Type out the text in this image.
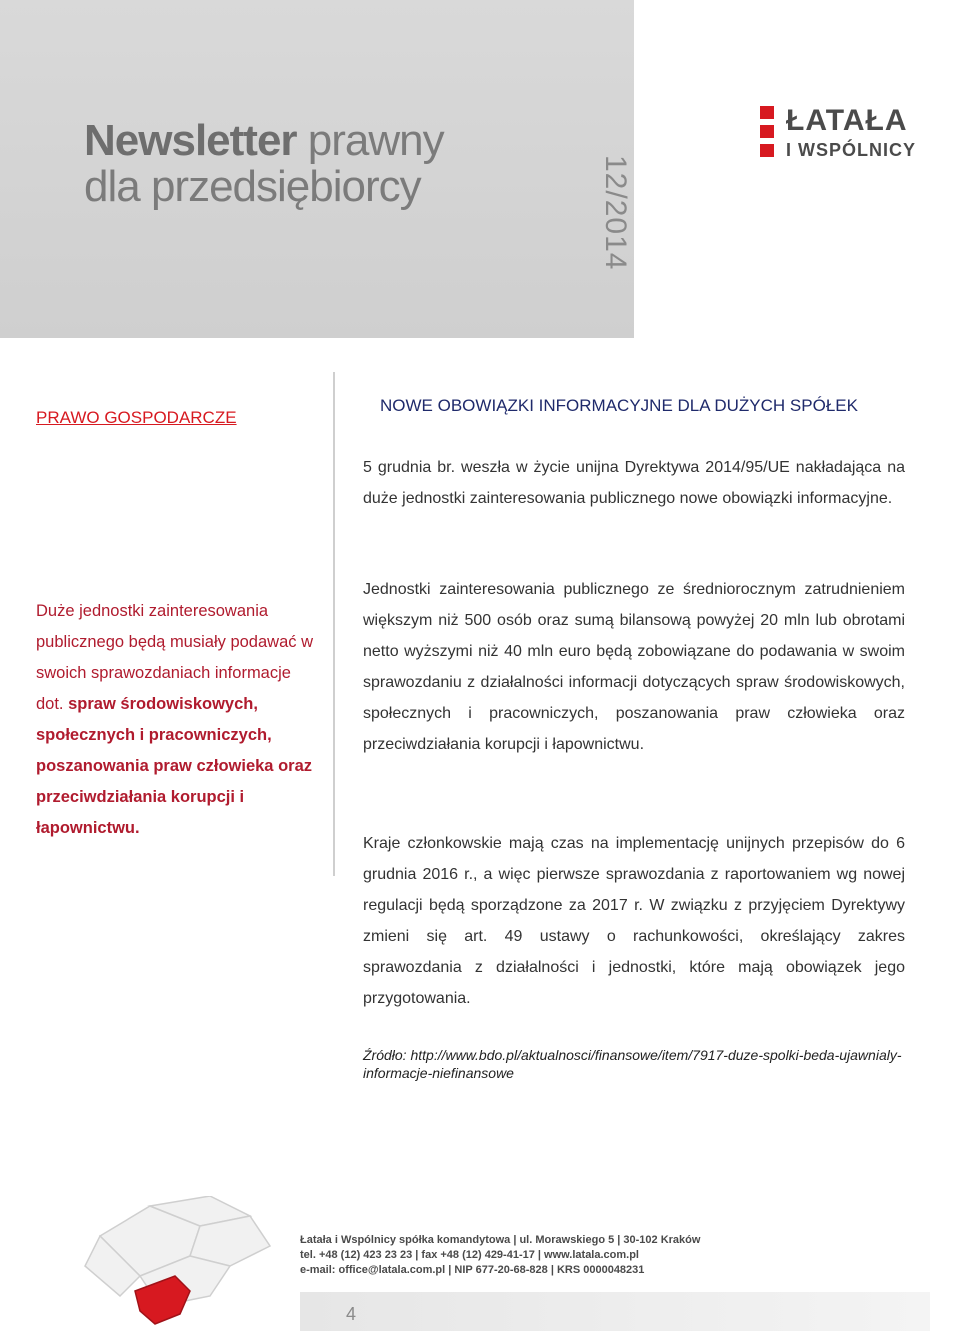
Newsletter prawny
dla przedsiębiorcy	12/2014
ŁATAŁA
I WSPÓLNICY
PRAWO GOSPODARCZE
NOWE OBOWIĄZKI INFORMACYJNE DLA DUŻYCH SPÓŁEK
5 grudnia br. weszła w życie unijna Dyrektywa 2014/95/UE nakładająca na duże jednostki zainteresowania publicznego nowe obowiązki informacyjne.
Duże jednostki zainteresowania publicznego będą musiały podawać w swoich sprawozdaniach informacje dot. spraw środowiskowych, społecznych i pracowniczych, poszanowania praw człowieka oraz przeciwdziałania korupcji i łapownictwu.
Jednostki zainteresowania publicznego ze średniorocznym zatrudnieniem większym niż 500 osób oraz sumą bilansową powyżej 20 mln lub obrotami netto wyższymi niż 40 mln euro będą zobowiązane do podawania w swoim sprawozdaniu z działalności informacji dotyczących spraw środowiskowych, społecznych i pracowniczych, poszanowania praw człowieka oraz przeciwdziałania korupcji i łapownictwu.
Kraje członkowskie mają czas na implementację unijnych przepisów do 6 grudnia 2016 r., a więc pierwsze sprawozdania z raportowaniem wg nowej regulacji będą sporządzone za 2017 r. W związku z przyjęciem Dyrektywy zmieni się art. 49 ustawy o rachunkowości, określający zakres sprawozdania z działalności i jednostki, które mają obowiązek jego przygotowania.
Źródło: http://www.bdo.pl/aktualnosci/finansowe/item/7917-duze-spolki-beda-ujawnialy-informacje-niefinansowe
Łatała i Wspólnicy spółka komandytowa | ul. Morawskiego 5 | 30-102 Kraków
tel. +48 (12) 423 23 23 | fax +48 (12) 429-41-17 | www.latala.com.pl
e-mail: office@latala.com.pl | NIP 677-20-68-828 | KRS 0000048231
4
